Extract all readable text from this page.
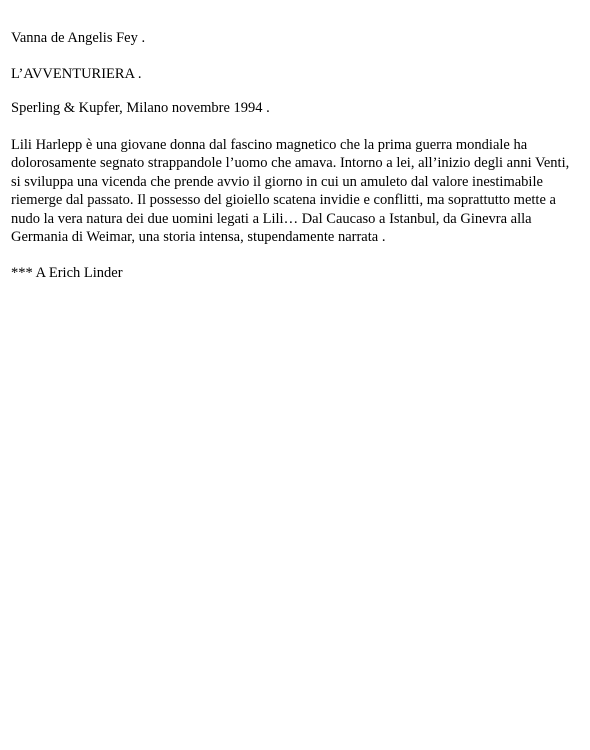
Vanna de Angelis Fey .

L’AVVENTURIERA .

Sperling & Kupfer, Milano novembre 1994 .

Lili Harlepp è una giovane donna dal fascino magnetico che la prima guerra mondiale ha dolorosamente segnato strappandole l’uomo che amava. Intorno a lei, all’inizio degli anni Venti, si sviluppa una vicenda che prende avvio il giorno in cui un amuleto dal valore inestimabile riemerge dal passato. Il possesso del gioiello scatena invidie e conflitti, ma soprattutto mette a nudo la vera natura dei due uomini legati a Lili… Dal Caucaso a Istanbul, da Ginevra alla Germania di Weimar, una storia intensa, stupendamente narrata .

*** A Erich Linder
